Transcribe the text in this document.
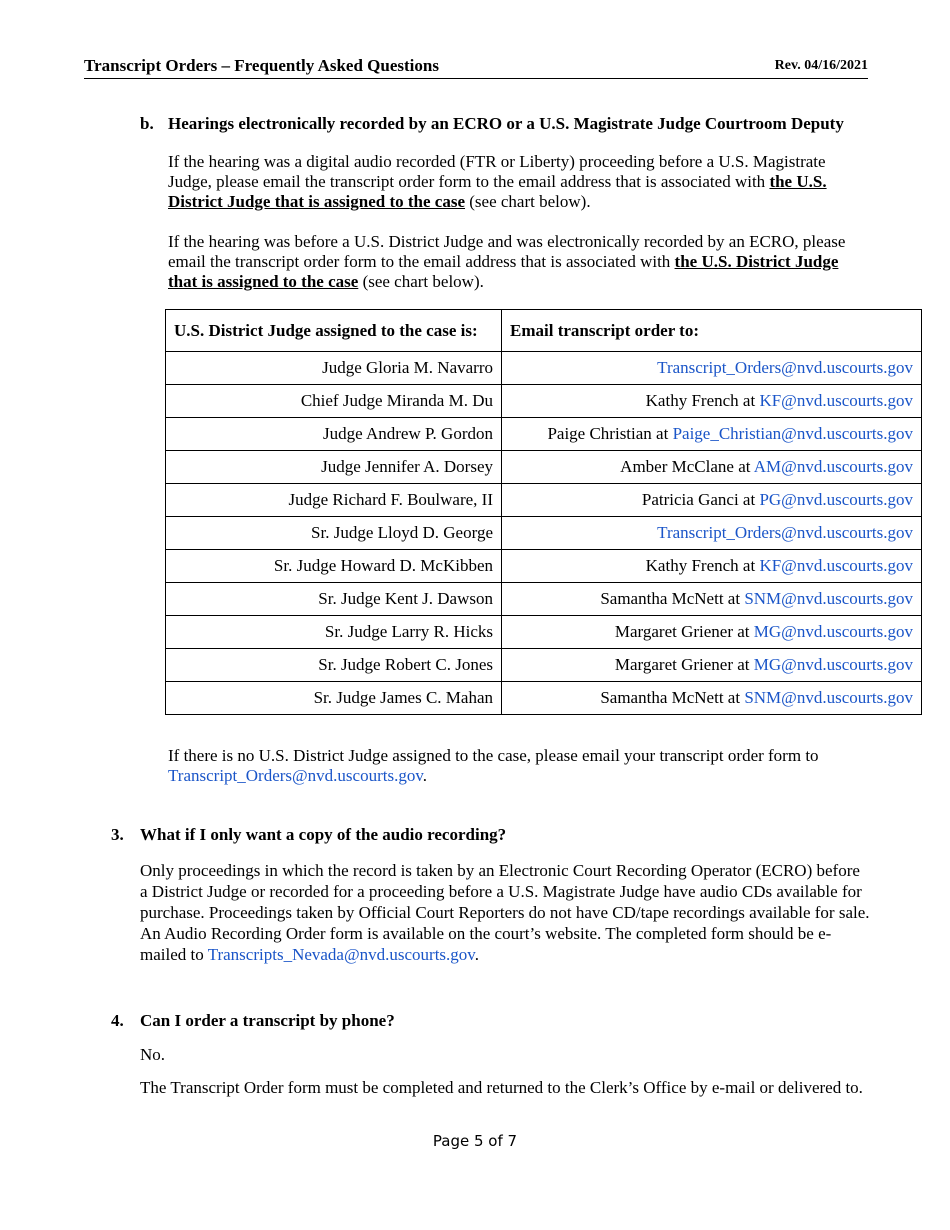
Transcript Orders – Frequently Asked Questions	Rev. 04/16/2021
b. Hearings electronically recorded by an ECRO or a U.S. Magistrate Judge Courtroom Deputy

If the hearing was a digital audio recorded (FTR or Liberty) proceeding before a U.S. Magistrate Judge, please email the transcript order form to the email address that is associated with the U.S. District Judge that is assigned to the case (see chart below).

If the hearing was before a U.S. District Judge and was electronically recorded by an ECRO, please email the transcript order form to the email address that is associated with the U.S. District Judge that is assigned to the case (see chart below).

U.S. District Judge assigned to the case is:	Email transcript order to:
Judge Gloria M. Navarro	Transcript_Orders@nvd.uscourts.gov
Chief Judge Miranda M. Du	Kathy French at KF@nvd.uscourts.gov
Judge Andrew P. Gordon	Paige Christian at Paige_Christian@nvd.uscourts.gov
Judge Jennifer A. Dorsey	Amber McClane at AM@nvd.uscourts.gov
Judge Richard F. Boulware, II	Patricia Ganci at PG@nvd.uscourts.gov
Sr. Judge Lloyd D. George	Transcript_Orders@nvd.uscourts.gov
Sr. Judge Howard D. McKibben	Kathy French at KF@nvd.uscourts.gov
Sr. Judge Kent J. Dawson	Samantha McNett at SNM@nvd.uscourts.gov
Sr. Judge Larry R. Hicks	Margaret Griener at MG@nvd.uscourts.gov
Sr. Judge Robert C. Jones	Margaret Griener at MG@nvd.uscourts.gov
Sr. Judge James C. Mahan	Samantha McNett at SNM@nvd.uscourts.gov

If there is no U.S. District Judge assigned to the case, please email your transcript order form to Transcript_Orders@nvd.uscourts.gov.

3. What if I only want a copy of the audio recording?

Only proceedings in which the record is taken by an Electronic Court Recording Operator (ECRO) before a District Judge or recorded for a proceeding before a U.S. Magistrate Judge have audio CDs available for purchase. Proceedings taken by Official Court Reporters do not have CD/tape recordings available for sale. An Audio Recording Order form is available on the court’s website. The completed form should be e-mailed to Transcripts_Nevada@nvd.uscourts.gov.

4. Can I order a transcript by phone?
No.
The Transcript Order form must be completed and returned to the Clerk’s Office by e-mail or delivered to.
Page 5 of 7
